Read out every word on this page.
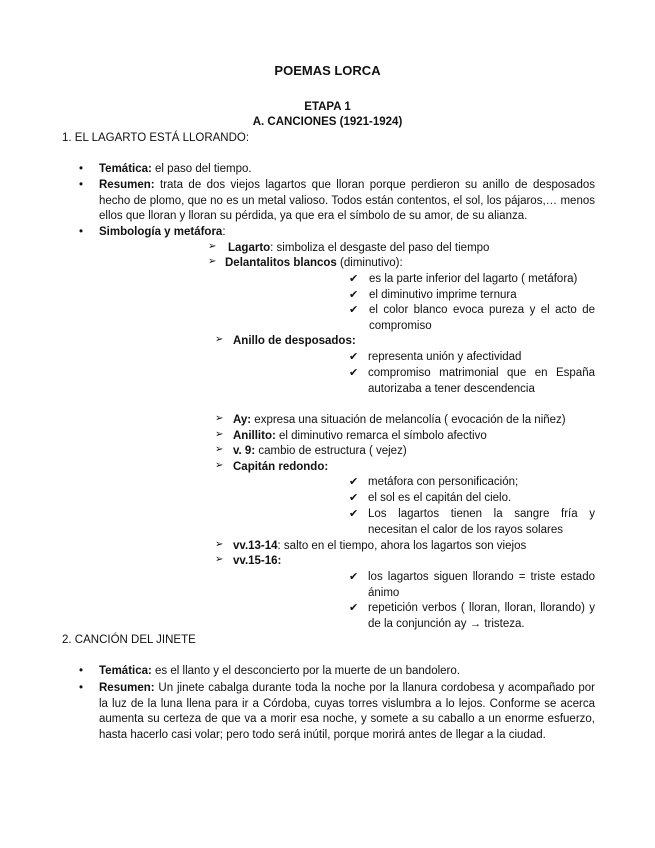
POEMAS LORCA
ETAPA 1
A. CANCIONES (1921-1924)
1. EL LAGARTO ESTÁ LLORANDO:
• Temática: el paso del tiempo.
• Resumen: trata de dos viejos lagartos que lloran porque perdieron su anillo de desposados hecho de plomo, que no es un metal valioso. Todos están contentos, el sol, los pájaros,… menos ellos que lloran y lloran su pérdida, ya que era el símbolo de su amor, de su alianza.
• Simbología y metáfora:
➢ Lagarto: simboliza el desgaste del paso del tiempo
➢ Delantalitos blancos (diminutivo):
✔ es la parte inferior del lagarto ( metáfora)
✔ el diminutivo imprime ternura
✔ el color blanco evoca pureza y el acto de compromiso
➢ Anillo de desposados:
✔ representa unión y afectividad
✔ compromiso matrimonial que en España autorizaba a tener descendencia
➢ Ay: expresa una situación de melancolía ( evocación de la niñez)
➢ Anillito: el diminutivo remarca el símbolo afectivo
➢ v. 9: cambio de estructura ( vejez)
➢ Capitán redondo:
✔ metáfora con personificación;
✔ el sol es el capitán del cielo.
✔ Los lagartos tienen la sangre fría y necesitan el calor de los rayos solares
➢ vv.13-14: salto en el tiempo, ahora los lagartos son viejos
➢ vv.15-16:
✔ los lagartos siguen llorando = triste estado ánimo
✔ repetición verbos ( lloran, lloran, llorando) y de la conjunción ay → tristeza.
2. CANCIÓN DEL JINETE
• Temática: es el llanto y el desconcierto por la muerte de un bandolero.
• Resumen: Un jinete cabalga durante toda la noche por la llanura cordobesa y acompañado por la luz de la luna llena para ir a Córdoba, cuyas torres vislumbra a lo lejos. Conforme se acerca aumenta su certeza de que va a morir esa noche, y somete a su caballo a un enorme esfuerzo, hasta hacerlo casi volar; pero todo será inútil, porque morirá antes de llegar a la ciudad.
